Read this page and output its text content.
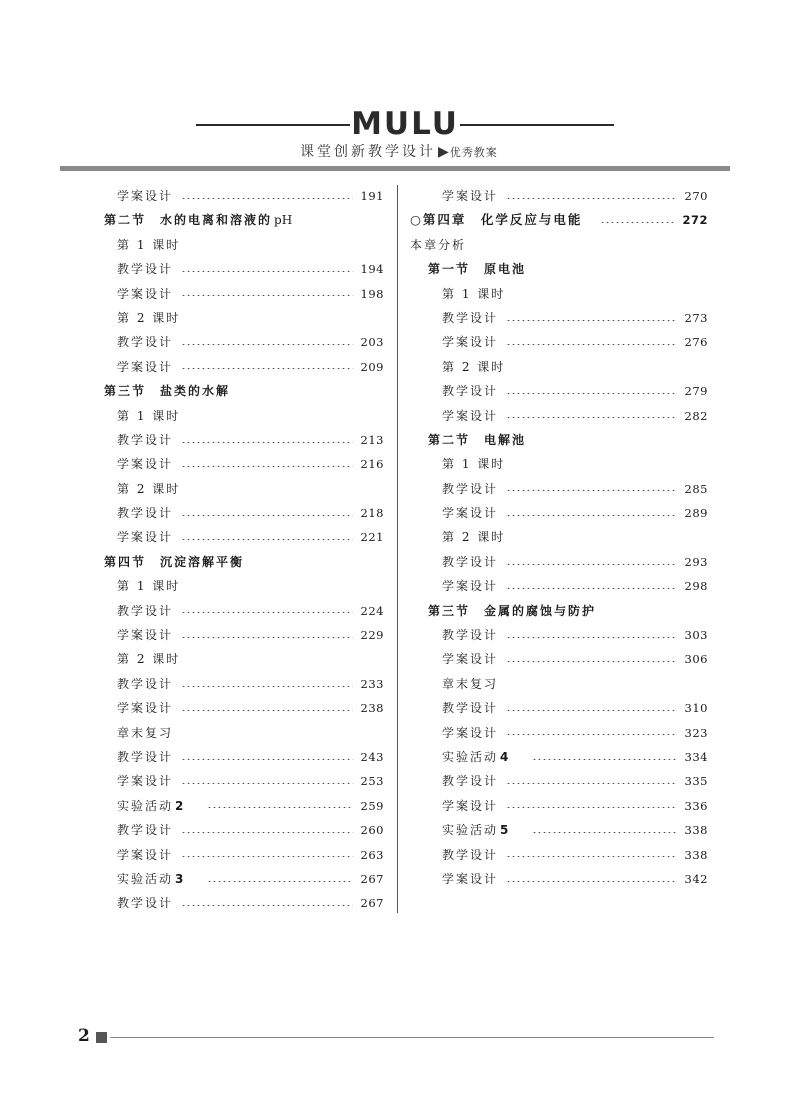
MULU
课堂创新教学设计 ▶优秀教案
学案设计	191
第二节　水的电离和溶液的 pH
第 1 课时
教学设计	194
学案设计	198
第 2 课时
教学设计	203
学案设计	209
第三节　盐类的水解
第 1 课时
教学设计	213
学案设计	216
第 2 课时
教学设计	218
学案设计	221
第四节　沉淀溶解平衡
第 1 课时
教学设计	224
学案设计	229
第 2 课时
教学设计	233
学案设计	238
章末复习
教学设计	243
学案设计	253
实验活动 2	259
教学设计	260
学案设计	263
实验活动 3	267
教学设计	267
学案设计	270
○第四章　化学反应与电能	272
本章分析
第一节　原电池
第 1 课时
教学设计	273
学案设计	276
第 2 课时
教学设计	279
学案设计	282
第二节　电解池
第 1 课时
教学设计	285
学案设计	289
第 2 课时
教学设计	293
学案设计	298
第三节　金属的腐蚀与防护
教学设计	303
学案设计	306
章末复习
教学设计	310
学案设计	323
实验活动 4	334
教学设计	335
学案设计	336
实验活动 5	338
教学设计	338
学案设计	342
2
